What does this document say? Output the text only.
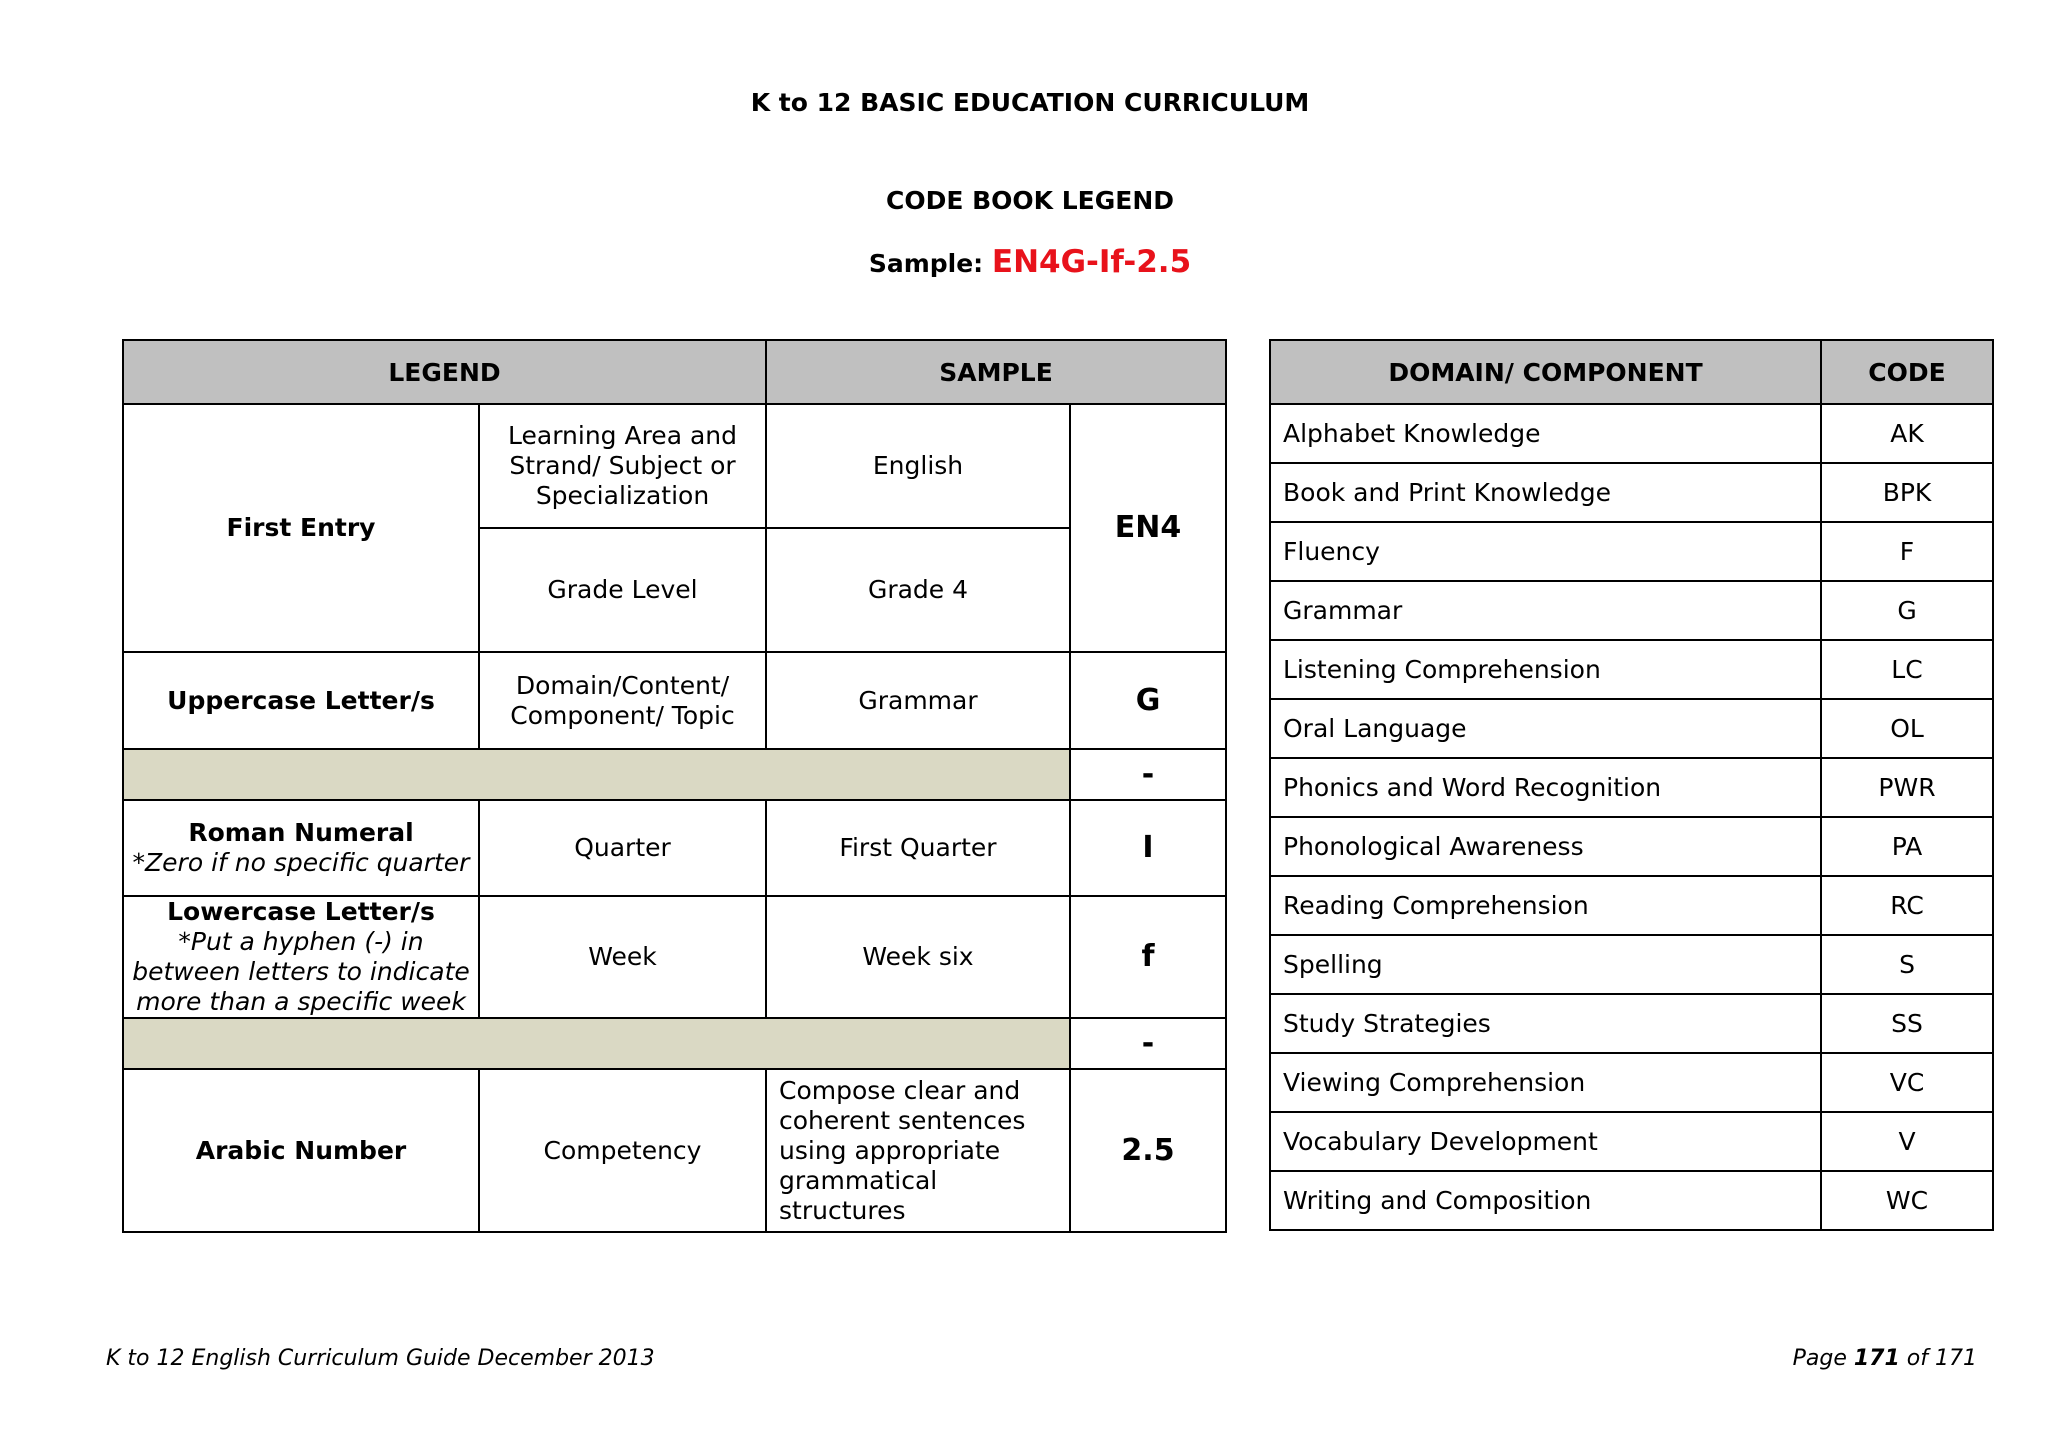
K to 12 BASIC EDUCATION CURRICULUM
CODE BOOK LEGEND
Sample: EN4G-If-2.5
LEGEND		SAMPLE	
First Entry	Learning Area and Strand/ Subject or Specialization	English	EN4
	Grade Level	Grade 4	
Uppercase Letter/s	Domain/Content/ Component/ Topic	Grammar	G
			-

Roman Numeral
*Zero if no specific quarter	Quarter	First Quarter	I

Lowercase Letter/s
*Put a hyphen (-) in between letters to indicate more than a specific week	Week	Week six	f
			-
Arabic Number	Competency	Compose clear and coherent sentences using appropriate grammatical structures	2.5
DOMAIN/ COMPONENT	CODE
Alphabet Knowledge	AK
Book and Print Knowledge	BPK
Fluency	F
Grammar	G
Listening Comprehension	LC
Oral Language	OL
Phonics and Word Recognition	PWR
Phonological Awareness	PA
Reading Comprehension	RC
Spelling	S
Study Strategies	SS
Viewing Comprehension	VC
Vocabulary Development	V
Writing and Composition	WC
K to 12 English Curriculum Guide December 2013	Page 171 of 171
